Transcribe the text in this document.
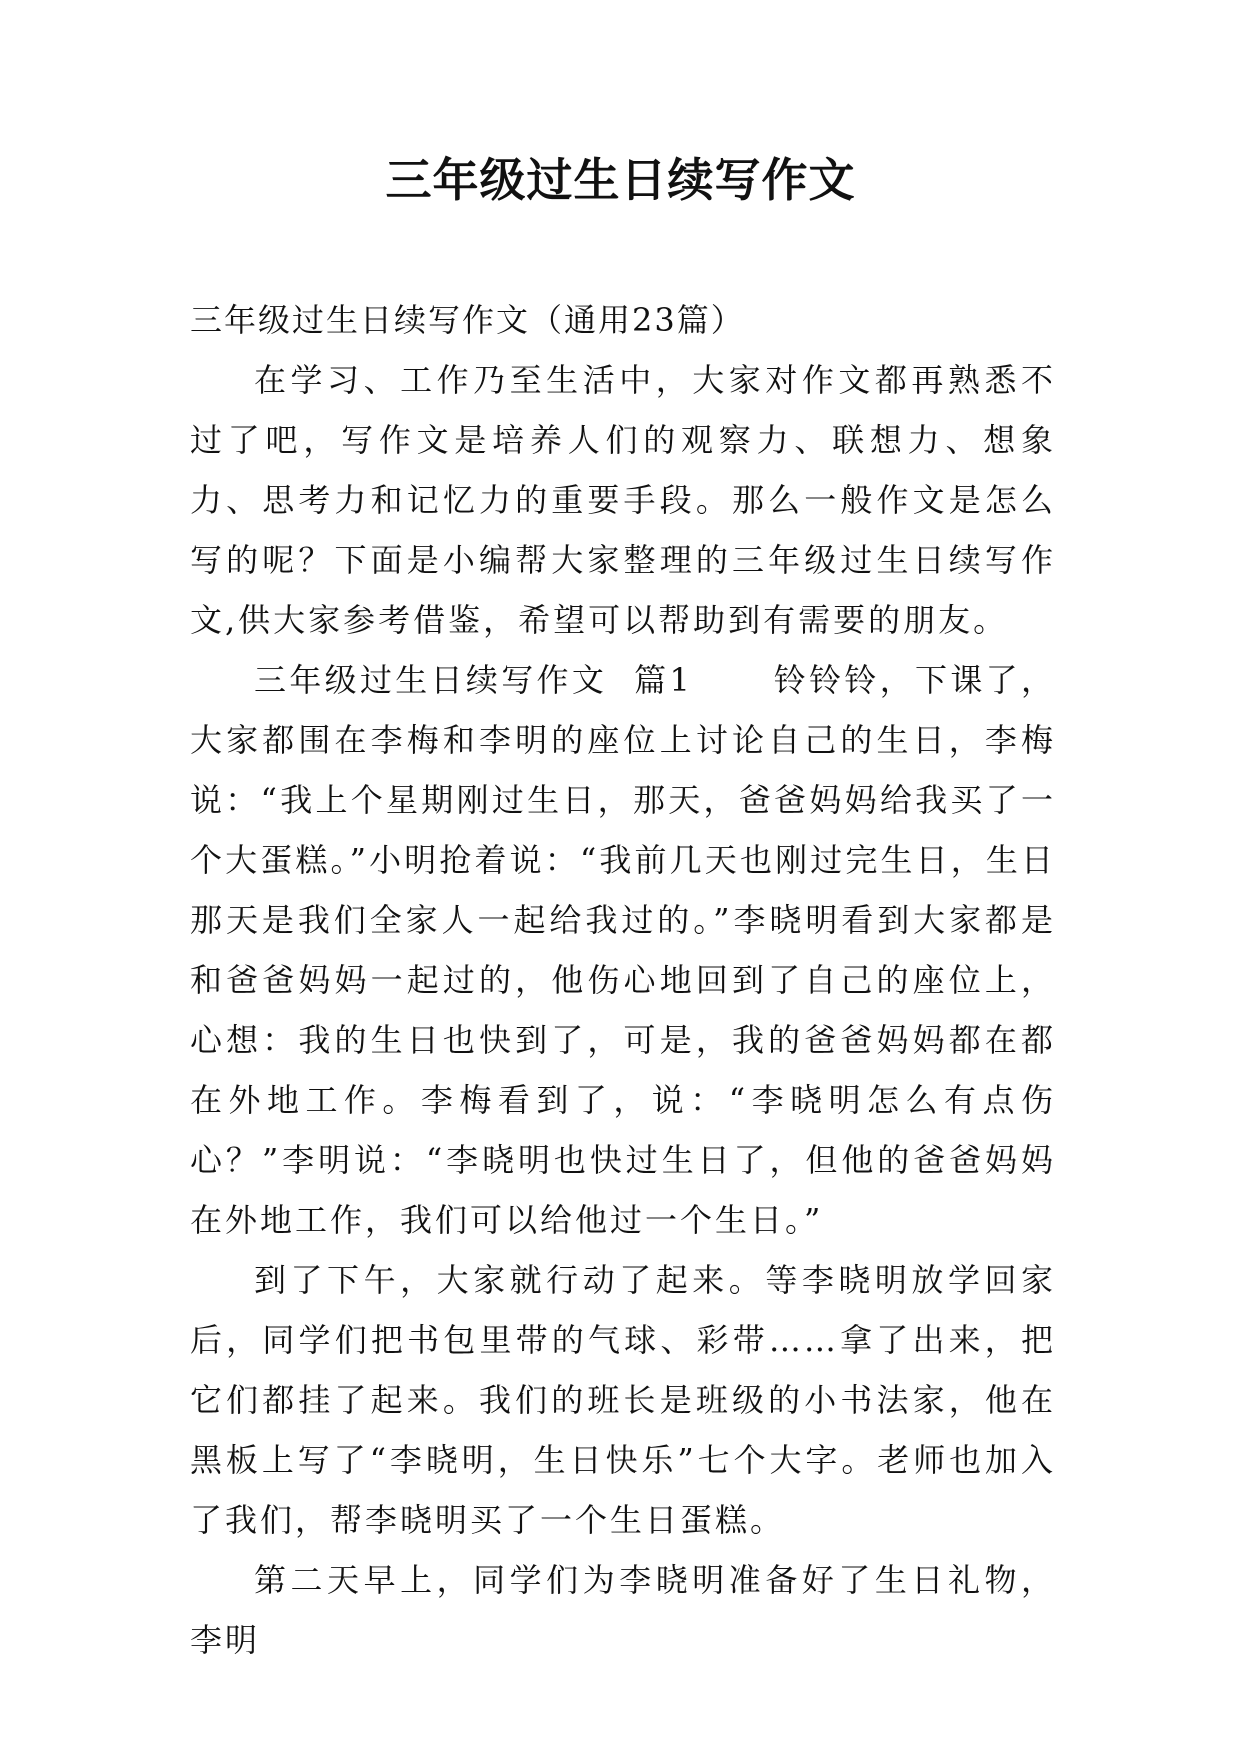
三年级过生日续写作文

三年级过生日续写作文（通用23篇）

在学习、工作乃至生活中，大家对作文都再熟悉不过了吧，写作文是培养人们的观察力、联想力、想象力、思考力和记忆力的重要手段。那么一般作文是怎么写的呢？下面是小编帮大家整理的三年级过生日续写作文,供大家参考借鉴，希望可以帮助到有需要的朋友。

三年级过生日续写作文  篇1      铃铃铃，下课了，大家都围在李梅和李明的座位上讨论自己的生日，李梅说：“我上个星期刚过生日，那天，爸爸妈妈给我买了一个大蛋糕。”小明抢着说：“我前几天也刚过完生日，生日那天是我们全家人一起给我过的。”李晓明看到大家都是和爸爸妈妈一起过的，他伤心地回到了自己的座位上，心想：我的生日也快到了，可是，我的爸爸妈妈都在都在外地工作。李梅看到了，说：“李晓明怎么有点伤心？”李明说：“李晓明也快过生日了，但他的爸爸妈妈在外地工作，我们可以给他过一个生日。”

到了下午，大家就行动了起来。等李晓明放学回家后，同学们把书包里带的气球、彩带……拿了出来，把它们都挂了起来。我们的班长是班级的小书法家，他在黑板上写了“李晓明，生日快乐”七个大字。老师也加入了我们，帮李晓明买了一个生日蛋糕。

第二天早上，同学们为李晓明准备好了生日礼物，李明
